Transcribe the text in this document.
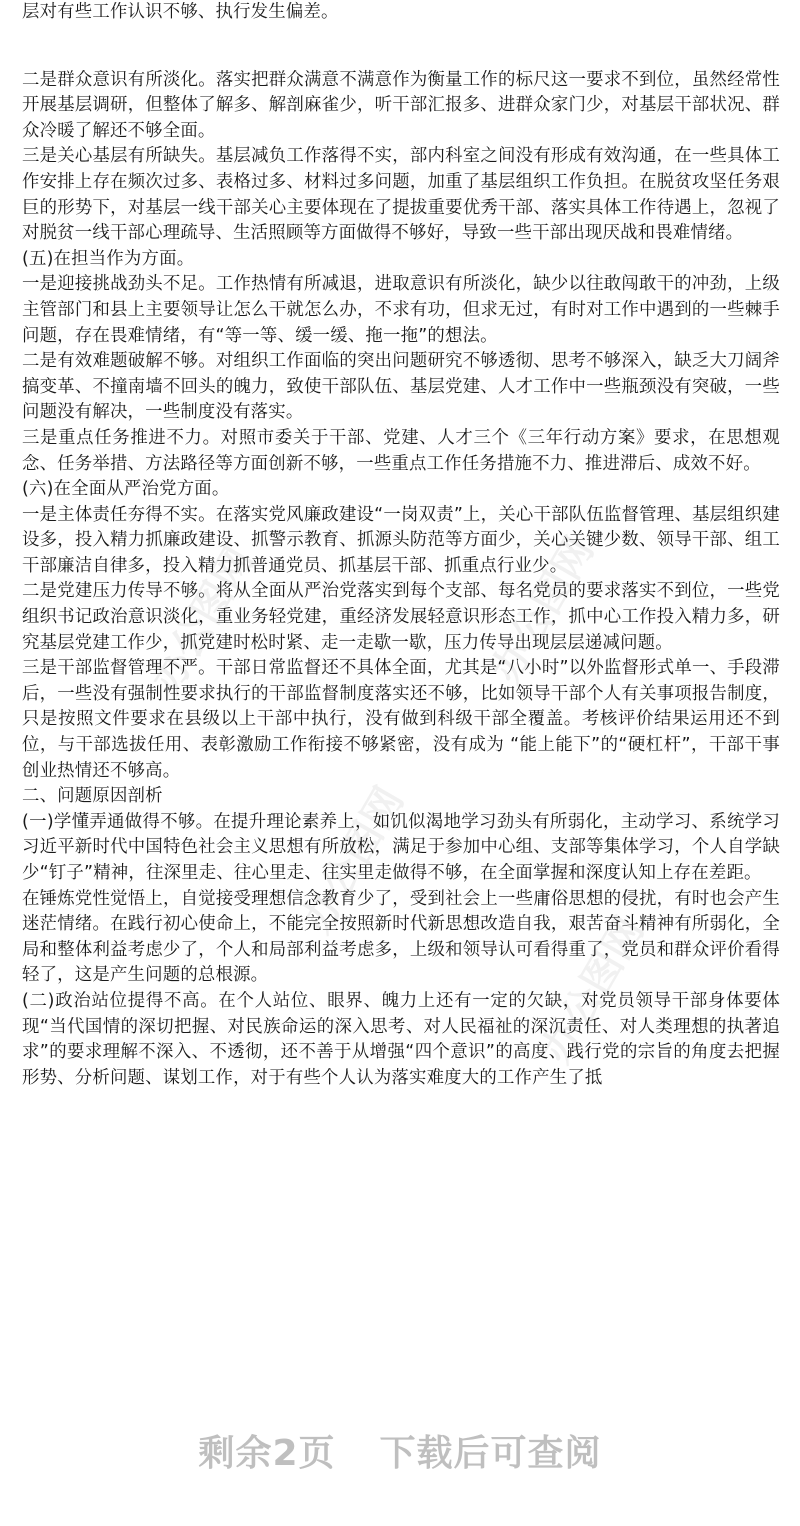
办公图网	办公图网
办公图网
办公图网

层对有些工作认识不够、执行发生偏差。

二是群众意识有所淡化。落实把群众满意不满意作为衡量工作的标尺这一要求不到位，虽然经常性开展基层调研，但整体了解多、解剖麻雀少，听干部汇报多、进群众家门少，对基层干部状况、群众冷暖了解还不够全面。

三是关心基层有所缺失。基层减负工作落得不实，部内科室之间没有形成有效沟通，在一些具体工作安排上存在频次过多、表格过多、材料过多问题，加重了基层组织工作负担。在脱贫攻坚任务艰巨的形势下，对基层一线干部关心主要体现在了提拔重要优秀干部、落实具体工作待遇上，忽视了对脱贫一线干部心理疏导、生活照顾等方面做得不够好，导致一些干部出现厌战和畏难情绪。

(五)在担当作为方面。

一是迎接挑战劲头不足。工作热情有所减退，进取意识有所淡化，缺少以往敢闯敢干的冲劲，上级主管部门和县上主要领导让怎么干就怎么办，不求有功，但求无过，有时对工作中遇到的一些棘手问题，存在畏难情绪，有“等一等、缓一缓、拖一拖”的想法。

二是有效难题破解不够。对组织工作面临的突出问题研究不够透彻、思考不够深入，缺乏大刀阔斧搞变革、不撞南墙不回头的魄力，致使干部队伍、基层党建、人才工作中一些瓶颈没有突破，一些问题没有解决，一些制度没有落实。

三是重点任务推进不力。对照市委关于干部、党建、人才三个《三年行动方案》要求，在思想观念、任务举措、方法路径等方面创新不够，一些重点工作任务措施不力、推进滞后、成效不好。

(六)在全面从严治党方面。

一是主体责任夯得不实。在落实党风廉政建设“一岗双责”上，关心干部队伍监督管理、基层组织建设多，投入精力抓廉政建设、抓警示教育、抓源头防范等方面少，关心关键少数、领导干部、组工干部廉洁自律多，投入精力抓普通党员、抓基层干部、抓重点行业少。

二是党建压力传导不够。将从全面从严治党落实到每个支部、每名党员的要求落实不到位，一些党组织书记政治意识淡化，重业务轻党建，重经济发展轻意识形态工作，抓中心工作投入精力多，研究基层党建工作少，抓党建时松时紧、走一走歇一歇，压力传导出现层层递减问题。

三是干部监督管理不严。干部日常监督还不具体全面，尤其是“八小时”以外监督形式单一、手段滞后，一些没有强制性要求执行的干部监督制度落实还不够，比如领导干部个人有关事项报告制度，只是按照文件要求在县级以上干部中执行，没有做到科级干部全覆盖。考核评价结果运用还不到位，与干部选拔任用、表彰激励工作衔接不够紧密，没有成为 “能上能下”的“硬杠杆”，干部干事创业热情还不够高。

二、问题原因剖析

(一)学懂弄通做得不够。在提升理论素养上，如饥似渴地学习劲头有所弱化，主动学习、系统学习习近平新时代中国特色社会主义思想有所放松，满足于参加中心组、支部等集体学习，个人自学缺少“钉子”精神，往深里走、往心里走、往实里走做得不够，在全面掌握和深度认知上存在差距。

在锤炼党性觉悟上，自觉接受理想信念教育少了，受到社会上一些庸俗思想的侵扰，有时也会产生迷茫情绪。在践行初心使命上，不能完全按照新时代新思想改造自我，艰苦奋斗精神有所弱化，全局和整体利益考虑少了，个人和局部利益考虑多，上级和领导认可看得重了，党员和群众评价看得轻了，这是产生问题的总根源。

(二)政治站位提得不高。在个人站位、眼界、魄力上还有一定的欠缺，对党员领导干部身体要体现“当代国情的深切把握、对民族命运的深入思考、对人民福祉的深沉责任、对人类理想的执著追求”的要求理解不深入、不透彻，还不善于从增强“四个意识”的高度、践行党的宗旨的角度去把握形势、分析问题、谋划工作，对于有些个人认为落实难度大的工作产生了抵

剩余2页 下载后可查阅
